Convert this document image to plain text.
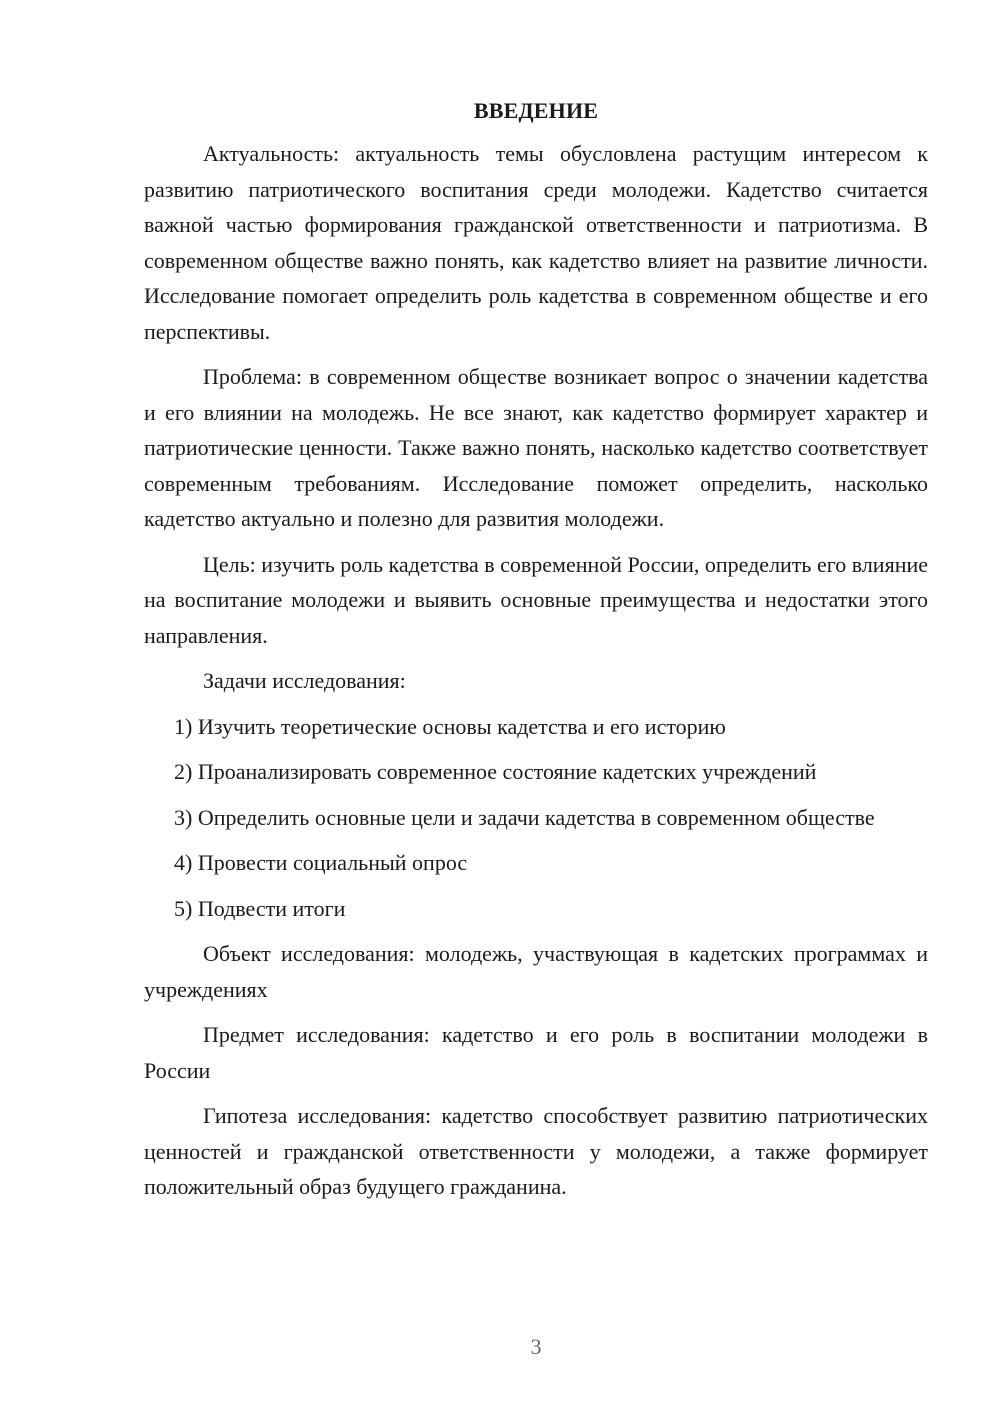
ВВЕДЕНИЕ

Актуальность: актуальность темы обусловлена растущим интересом к развитию патриотического воспитания среди молодежи. Кадетство считается важной частью формирования гражданской ответственности и патриотизма. В современном обществе важно понять, как кадетство влияет на развитие личности. Исследование помогает определить роль кадетства в современном обществе и его перспективы.

Проблема: в современном обществе возникает вопрос о значении кадетства и его влиянии на молодежь. Не все знают, как кадетство формирует характер и патриотические ценности. Также важно понять, насколько кадетство соответствует современным требованиям. Исследование поможет определить, насколько кадетство актуально и полезно для развития молодежи.

Цель: изучить роль кадетства в современной России, определить его влияние на воспитание молодежи и выявить основные преимущества и недостатки этого направления.

Задачи исследования:

1) Изучить теоретические основы кадетства и его историю

2) Проанализировать современное состояние кадетских учреждений

3) Определить основные цели и задачи кадетства в современном обществе

4) Провести социальный опрос

5) Подвести итоги

Объект исследования: молодежь, участвующая в кадетских программах и учреждениях

Предмет исследования: кадетство и его роль в воспитании молодежи в России

Гипотеза исследования: кадетство способствует развитию патриотических ценностей и гражданской ответственности у молодежи, а также формирует положительный образ будущего гражданина.

3
